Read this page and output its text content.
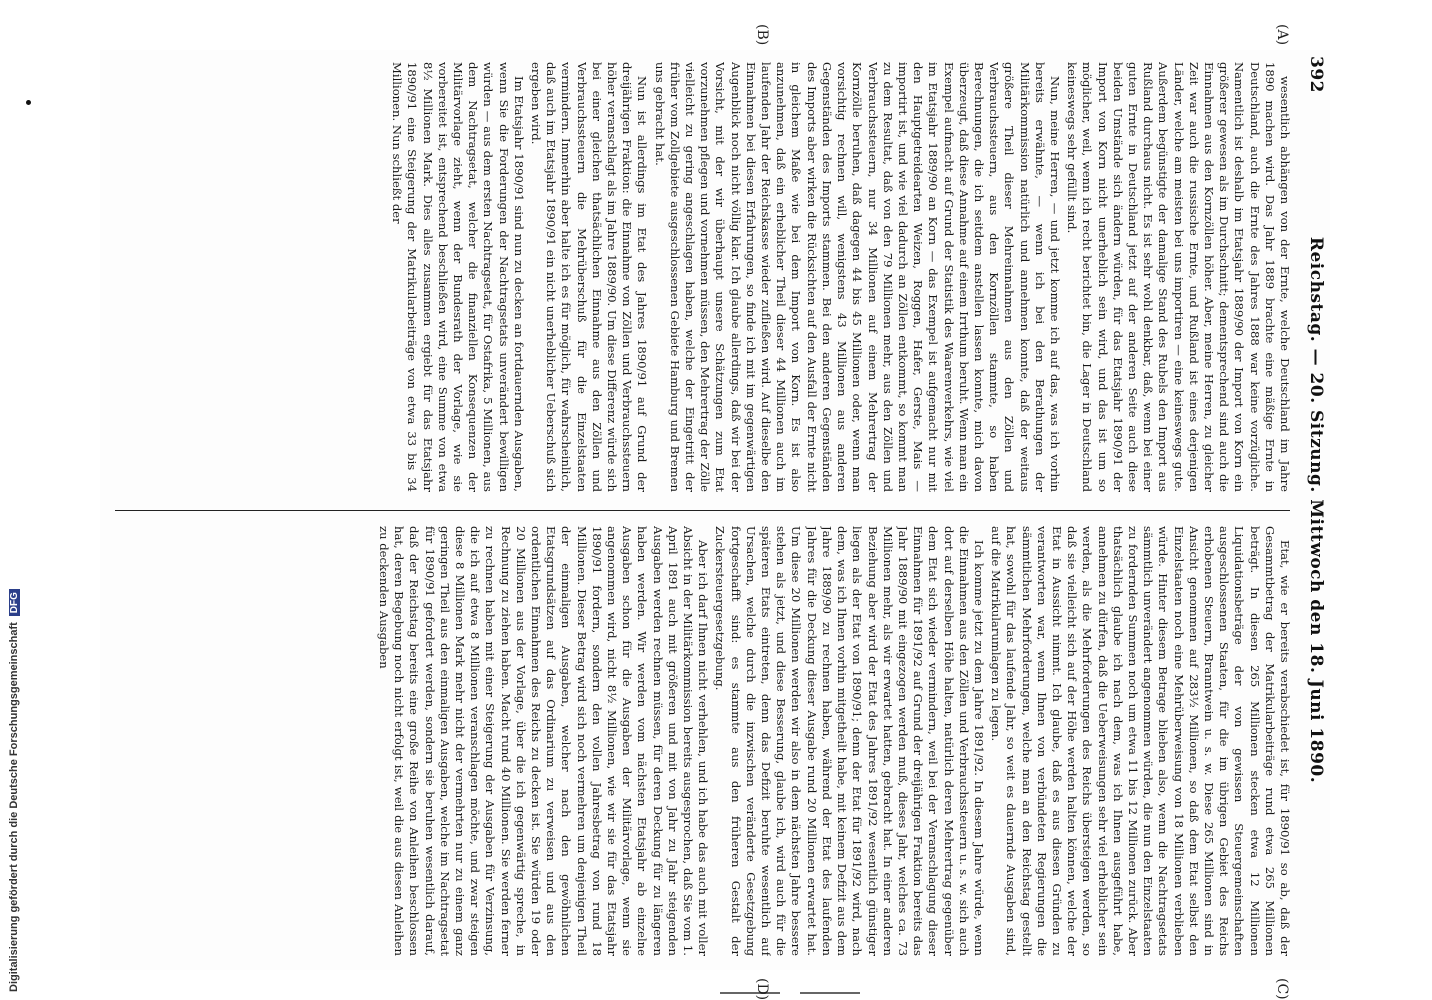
392
Reichstag. — 20. Sitzung. Mittwoch den 18. Juni 1890.
(A)
(B)
(C)
(D)

wesentlich abhängen von der Ernte, welche Deutschland im Jahre 1890 machen wird. Das Jahr 1889 brachte eine mäßige Ernte in Deutschland, auch die Ernte des Jahres 1888 war keine vorzügliche. Namentlich ist deshalb im Etatsjahr 1889/90 der Import von Korn ein größerer gewesen als im Durchschnitt; dementsprechend sind auch die Einnahmen aus den Kornzöllen höher. Aber, meine Herren, zu gleicher Zeit war auch die russische Ernte, und Rußland ist eines derjenigen Länder, welche am meisten bei uns importiren — eine keineswegs gute. Außerdem begünstigte der damalige Stand des Rubels den Import aus Rußland durchaus nicht. Es ist sehr wohl denkbar, daß, wenn bei einer guten Ernte in Deutschland jetzt auf der anderen Seite auch diese beiden Umstände sich ändern würden, für das Etatsjahr 1890/91 der Import von Korn nicht unerheblich sein wird, und das ist um so möglicher, weil, wenn ich recht berichtet bin, die Lager in Deutschland keineswegs sehr gefüllt sind.

Nun, meine Herren, — und jetzt komme ich auf das, was ich vorhin bereits erwähnte, — wenn ich bei den Berathungen der Militärkommission natürlich und annehmen konnte, daß der weitaus größere Theil dieser Mehreinnahmen aus den Zöllen und Verbrauchssteuern, aus den Kornzöllen stammte, so haben Berechnungen, die ich seitdem anstellen lassen konnte, mich davon überzeugt, daß diese Annahme auf einem Irrthum beruht. Wenn man ein Exempel aufmacht auf Grund der Statistik des Waarenverkehrs, wie viel im Etatsjahr 1889/90 an Korn — das Exempel ist aufgemacht nur mit den Hauptgetreidearten Weizen, Roggen, Hafer, Gerste, Mais — importirt ist, und wie viel dadurch an Zöllen entkommt, so kommt man zu dem Resultat, daß von den 79 Millionen mehr, aus den Zöllen und Verbrauchssteuern, nur 34 Millionen auf einem Mehrertrag der Kornzölle beruhen, daß dagegen 44 bis 45 Millionen oder, wenn man vorsichtig rechnen will, wenigstens 43 Millionen aus anderen Gegenständen des Imports stammen. Bei den anderen Gegenständen des Imports aber wirken die Rücksichten auf den Ausfall der Ernte nicht in gleichem Maße wie bei dem Import von Korn. Es ist also anzunehmen, daß ein erheblicher Theil dieser 44 Millionen auch im laufenden Jahr der Reichskasse wieder zufließen wird. Auf dieselbe den Einnahmen bei diesen Erfahrungen, so finde ich mit im gegenwärtigen Augenblick noch nicht völlig klar. Ich glaube allerdings, daß wir bei der Vorsicht, mit der wir überhaupt unsere Schätzungen zum Etat vorzunehmen pflegen und vornehmen müssen, den Mehrertrag der Zölle vielleicht zu gering angeschlagen haben, welche der Eingetritt der früher vom Zollgebiete ausgeschlossenen Gebiete Hamburg und Bremen uns gebracht hat.

Nun ist allerdings im Etat des Jahres 1890/91 auf Grund der dreijährigen Fraktion: die Einnahme von Zöllen und Verbrauchssteuern höher veranschlagt als im Jahre 1889/90. Um diese Differenz würde sich bei einer gleichen thatsächlichen Einnahme aus den Zöllen und Verbrauchssteuern die Mehrüberschuß für die Einzelstaaten vermindern. Immerhin aber halte ich es für möglich, für wahrscheinlich, daß auch im Etatsjahr 1890/91 ein nicht unerheblicher Ueberschuß sich ergeben wird.

Im Etatsjahr 1890/91 sind nun zu decken an fortdauernden Ausgaben, wenn Sie die Forderungen der Nachtragsetats unverändert bewilligen würden — aus dem ersten Nachtragsetat, für Ostafrika, 5 Millionen, aus dem Nachtragsetat, welcher die finanziellen Konsequenzen der Militärvorlage zieht, wenn der Bundesrath der Vorlage, wie sie vorbereitet ist, entsprechend beschließen wird, eine Summe von etwa 8½ Millionen Mark. Dies alles zusammen ergiebt für das Etatsjahr 1890/91 eine Steigerung der Matrikularbeiträge von etwa 33 bis 34 Millionen. Nun schließt der

Etat, wie er bereits verabschiedet ist, für 1890/91 so ab, daß der Gesammtbetrag der Matrikularbeiträge rund etwa 265 Millionen beträgt. In diesen 265 Millionen stecken etwa 12 Millionen Liquidationsbeträge der von gewissen Steuergemeinschaften ausgeschlossenen Staaten, für die im übrigen Gebiet des Reichs erhobenen Steuern, Branntwein u. s. w. Diese 265 Millionen sind in Ansicht genommen auf 283½ Millionen, so daß dem Etat selbst den Einzelstaaten noch eine Mehrüberweisung von 18 Millionen verblieben würde. Hinter diesem Betrage blieben also, wenn die Nachtragsetats sämmtlich unverändert angenommen würden, die nun den Einzelstaaten zu fordernden Summen noch um etwa 11 bis 12 Millionen zurück. Aber thatsächlich glaube ich nach dem, was ich Ihnen ausgeführt habe, annehmen zu dürfen, daß die Ueberweisungen sehr viel erheblicher sein werden, als die Mehrforderungen des Reichs übersteigen werden, so daß sie vielleicht sich auf der Höhe werden halten können, welche der Etat in Aussicht nimmt. Ich glaube, daß es aus diesen Gründen zu verantworten war, wenn Ihnen von verbündeten Regierungen die sämmtlichen Mehrforderungen, welche man an den Reichstag gestellt hat, sowohl für das laufende Jahr, so weit es dauernde Ausgaben sind, auf die Matrikularumlagen zu legen.

Ich komme jetzt zu dem Jahre 1891/92. In diesem Jahre würde, wenn die Einnahmen aus den Zöllen und Verbrauchssteuern u. s. w. sich auch dort auf derselben Höhe halten, natürlich deren Mehrertrag gegenüber dem Etat sich wieder vermindern, weil bei der Veranschlagung dieser Einnahmen für 1891/92 auf Grund der dreijährigen Fraktion bereits das Jahr 1889/90 mit eingezogen werden muß, dieses Jahr, welches ca. 73 Millionen mehr, als wir erwartet hatten, gebracht hat. In einer anderen Beziehung aber wird der Etat des Jahres 1891/92 wesentlich günstiger liegen als der Etat von 1890/91; denn der Etat für 1891/92 wird, nach dem, was ich Ihnen vorhin mitgetheilt habe, mit keinem Defizit aus dem Jahre 1889/90 zu rechnen haben, während der Etat des laufenden Jahres für die Deckung dieser Ausgabe rund 20 Millionen erwartet hat. Um diese 20 Millionen werden wir also in dem nächsten Jahre bessere stehen als jetzt, und diese Besserung, glaube ich, wird auch für die späteren Etats eintreten, denn das Defizit beruhte wesentlich auf Ursachen, welche durch die inzwischen veränderte Gesetzgebung fortgeschafft sind: es stammte aus den früheren Gestalt der Zuckersteuergesetzgebung.

Aber ich darf Ihnen nicht verhehlen, und ich habe das auch mit voller Absicht in der Militärkommission bereits ausgesprochen, daß Sie vom 1. April 1891 auch mit größeren und mit von Jahr zu Jahr steigenden Ausgaben werden rechnen müssen, für deren Deckung für zu längeren haben werden. Wir werden vom nächsten Etatsjahr ab einzelne Ausgaben schon für die Ausgaben der Militärvorlage, wenn sie angenommen wird, nicht 8½ Millionen, wie wir sie für das Etatsjahr 1890/91 fordern, sondern den vollen Jahresbetrag von rund 18 Millionen. Dieser Betrag wird sich noch vermehren um denjenigen Theil der einmaligen Ausgaben, welcher nach den gewöhnlichen Etatsgrundsätzen auf das Ordinarium zu verweisen und aus den ordentlichen Einnahmen des Reichs zu decken ist. Sie würden 19 oder 20 Millionen aus der Vorlage, über die ich gegenwärtig spreche, in Rechnung zu ziehen haben. Macht rund 40 Millionen. Sie werden ferner zu rechnen haben mit einer Steigerung der Ausgaben für Verzinsung, die ich auf etwa 8 Millionen veranschlagen möchte, und zwar steigen diese 8 Millionen Mark mehr nicht der vermehrten nur zu einem ganz geringen Theil aus den einmaligen Ausgaben, welche im Nachtragsetat für 1890/91 gefordert werden, sondern sie beruhen wesentlich darauf, daß der Reichstag bereits eine große Reihe von Anleihen beschlossen hat, deren Begebung noch nicht erfolgt ist, weil die aus diesen Anleihen zu deckenden Ausgaben

Digitalisierung gefördert durch die Deutsche ForschungsgemeinschaftDFG
